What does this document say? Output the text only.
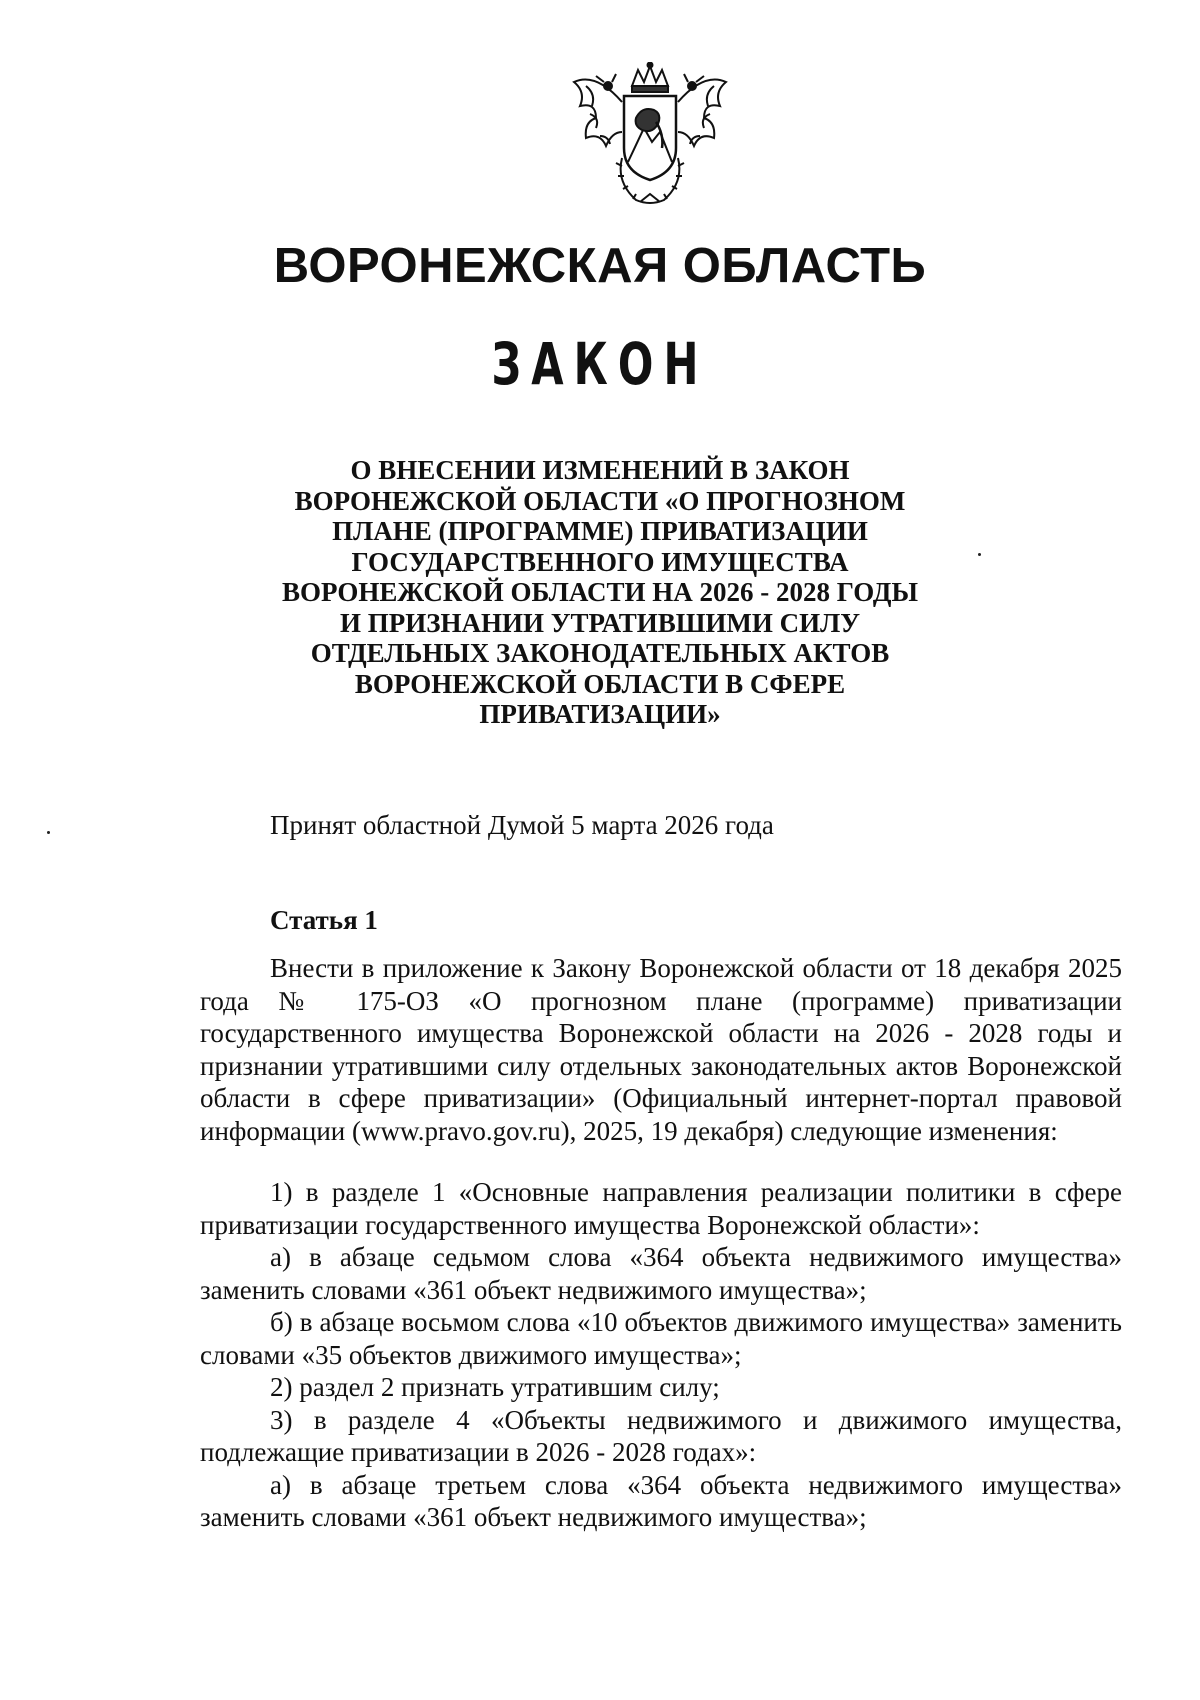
ВОРОНЕЖСКАЯ ОБЛАСТЬ
ЗАКОН
О ВНЕСЕНИИ ИЗМЕНЕНИЙ В ЗАКОН
ВОРОНЕЖСКОЙ ОБЛАСТИ «О ПРОГНОЗНОМ
ПЛАНЕ (ПРОГРАММЕ) ПРИВАТИЗАЦИИ
ГОСУДАРСТВЕННОГО ИМУЩЕСТВА
ВОРОНЕЖСКОЙ ОБЛАСТИ НА 2026 - 2028 ГОДЫ
И ПРИЗНАНИИ УТРАТИВШИМИ СИЛУ
ОТДЕЛЬНЫХ ЗАКОНОДАТЕЛЬНЫХ АКТОВ
ВОРОНЕЖСКОЙ ОБЛАСТИ В СФЕРЕ
ПРИВАТИЗАЦИИ»
Принят областной Думой 5 марта 2026 года
Статья 1

Внести в приложение к Закону Воронежской области от 18 декабря 2025 года № 175-ОЗ «О прогнозном плане (программе) приватизации государственного имущества Воронежской области на 2026 - 2028 годы и признании утратившими силу отдельных законодательных актов Воронежской области в сфере приватизации» (Официальный интернет-портал правовой информации (www.pravo.gov.ru), 2025, 19 декабря) следующие изменения:

1) в разделе 1 «Основные направления реализации политики в сфере приватизации государственного имущества Воронежской области»:

а) в абзаце седьмом слова «364 объекта недвижимого имущества» заменить словами «361 объект недвижимого имущества»;

б) в абзаце восьмом слова «10 объектов движимого имущества» заменить словами «35 объектов движимого имущества»;

2) раздел 2 признать утратившим силу;

3) в разделе 4 «Объекты недвижимого и движимого имущества, подлежащие приватизации в 2026 - 2028 годах»:

а) в абзаце третьем слова «364 объекта недвижимого имущества» заменить словами «361 объект недвижимого имущества»;
